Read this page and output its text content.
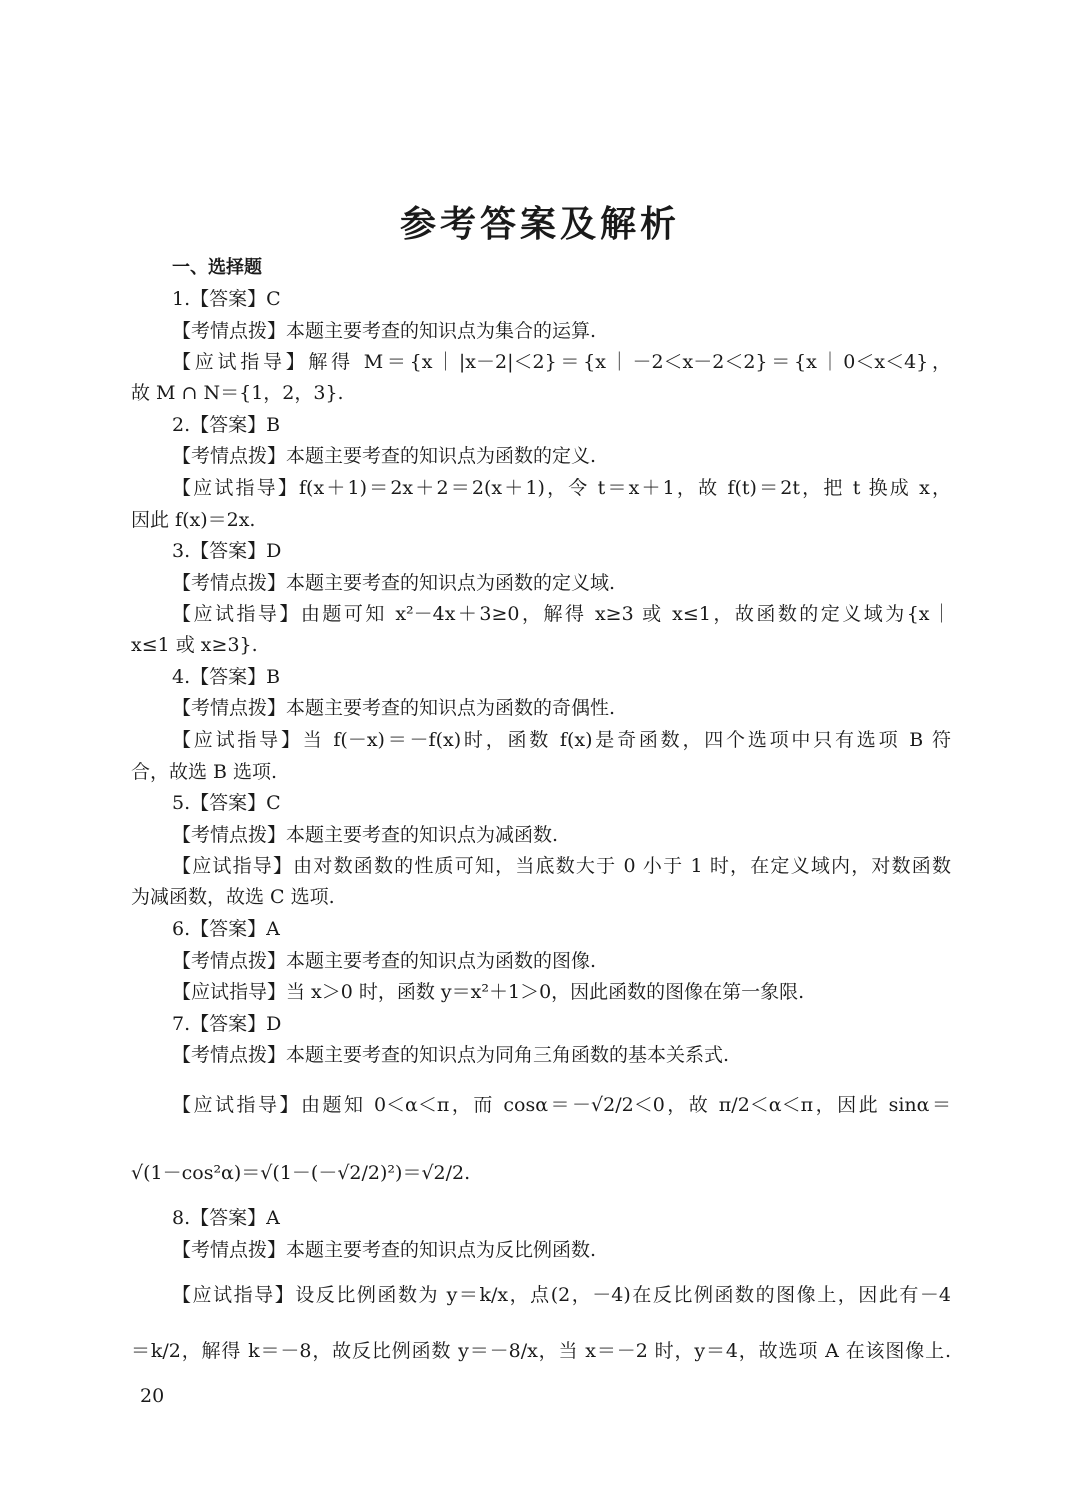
参考答案及解析
一、选择题
1.【答案】C
【考情点拨】本题主要考查的知识点为集合的运算.
【应试指导】解得 M＝{x｜|x－2|＜2}＝{x｜－2＜x－2＜2}＝{x｜0＜x＜4}，
故 M ∩ N＝{1，2，3}.
2.【答案】B
【考情点拨】本题主要考查的知识点为函数的定义.
【应试指导】f(x＋1)＝2x＋2＝2(x＋1)，令 t＝x＋1，故 f(t)＝2t，把 t 换成 x，
因此 f(x)＝2x.
3.【答案】D
【考情点拨】本题主要考查的知识点为函数的定义域.
【应试指导】由题可知 x²－4x＋3≥0，解得 x≥3 或 x≤1，故函数的定义域为{x｜
x≤1 或 x≥3}.
4.【答案】B
【考情点拨】本题主要考查的知识点为函数的奇偶性.
【应试指导】当 f(－x)＝－f(x)时，函数 f(x)是奇函数，四个选项中只有选项 B 符
合，故选 B 选项.
5.【答案】C
【考情点拨】本题主要考查的知识点为减函数.
【应试指导】由对数函数的性质可知，当底数大于 0 小于 1 时，在定义域内，对数函数
为减函数，故选 C 选项.
6.【答案】A
【考情点拨】本题主要考查的知识点为函数的图像.
【应试指导】当 x＞0 时，函数 y＝x²＋1＞0，因此函数的图像在第一象限.
7.【答案】D
【考情点拨】本题主要考查的知识点为同角三角函数的基本关系式.
【应试指导】由题知 0＜α＜π，而 cosα＝－√2/2＜0，故 π/2＜α＜π，因此 sinα＝
√(1－cos²α)＝√(1－(－√2/2)²)＝√2/2.
8.【答案】A
【考情点拨】本题主要考查的知识点为反比例函数.
【应试指导】设反比例函数为 y＝k/x，点(2，－4)在反比例函数的图像上，因此有－4
＝k/2，解得 k＝－8，故反比例函数 y＝－8/x，当 x＝－2 时，y＝4，故选项 A 在该图像上.
20
